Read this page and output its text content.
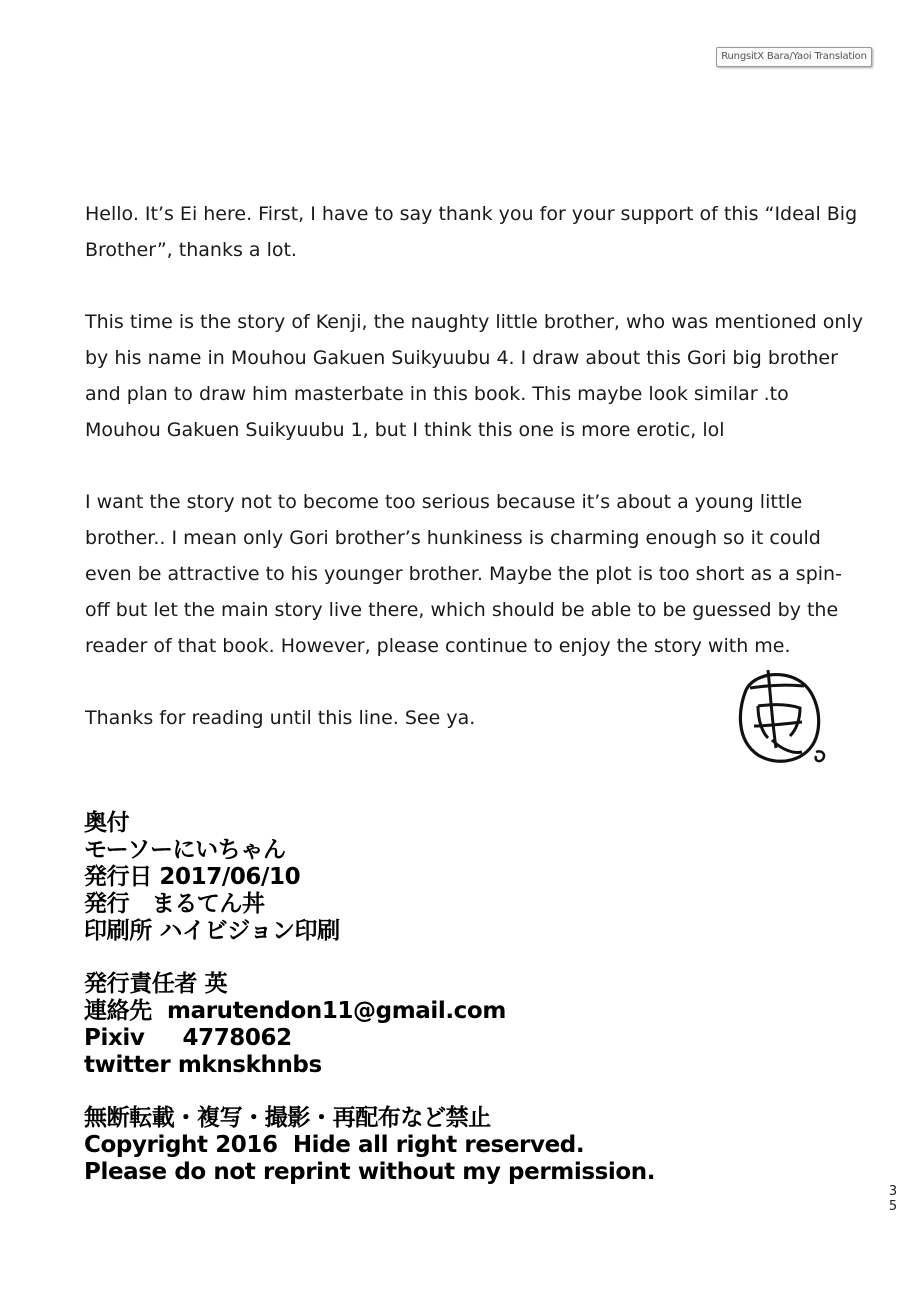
RungsitX Bara/Yaoi Translation

Hello. It’s Ei here. First, I have to say thank you for your support of this “Ideal Big Brother”, thanks a lot.

This time is the story of Kenji, the naughty little brother, who was mentioned only by his name in Mouhou Gakuen Suikyuubu 4. I draw about this Gori big brother and plan to draw him masterbate in this book. This maybe look similar .to Mouhou Gakuen Suikyuubu 1, but I think this one is more erotic, lol

I want the story not to become too serious because it’s about a young little brother.. I mean only Gori brother’s hunkiness is charming enough so it could even be attractive to his younger brother. Maybe the plot is too short as a spin-off but let the main story live there, which should be able to be guessed by the reader of that book. However, please continue to enjoy the story with me.

Thanks for reading until this line. See ya.

奥付
モーソーにいちゃん
発行日 2017/06/10
発行　まるてん丼
印刷所 ハイビジョン印刷
発行責任者 英
連絡先  marutendon11@gmail.com
Pixiv     4778062
twitter mknskhnbs
無断転載・複写・撮影・再配布など禁止
Copyright 2016  Hide all right reserved.
Please do not reprint without my permission.
3
5
